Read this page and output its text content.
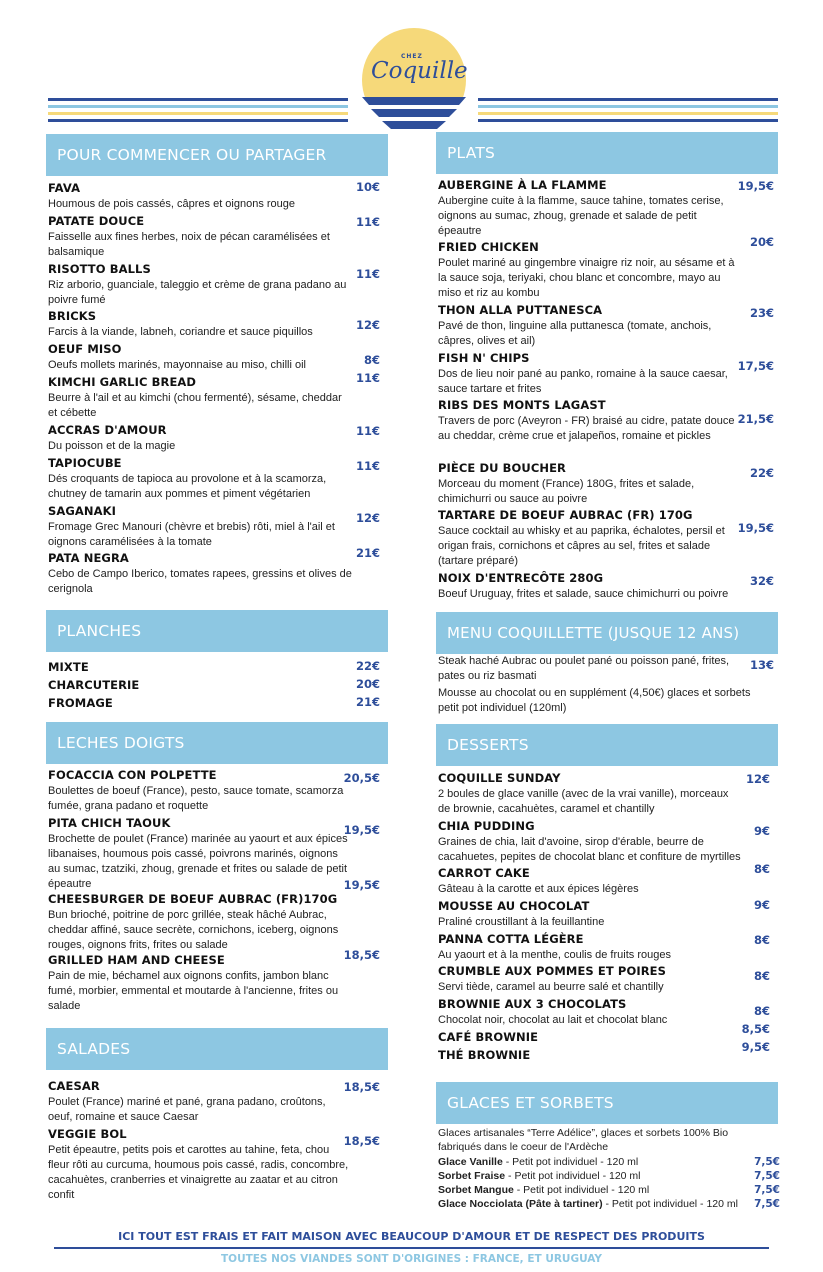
CHEZ
Coquille
POUR COMMENCER OU PARTAGER
FAVA
Houmous de pois cassés, câpres et oignons rouge
10€
PATATE DOUCE
Faisselle aux fines herbes, noix de pécan caramélisées et balsamique
11€
RISOTTO BALLS
Riz arborio, guanciale, taleggio et crème de grana padano au poivre fumé
11€
BRICKS
Farcis à la viande, labneh, coriandre et sauce piquillos	12€
OEUF MISO
Oeufs mollets marinés, mayonnaise au miso, chilli oil	8€
KIMCHI GARLIC BREAD
Beurre à l'ail et au kimchi (chou fermenté), sésame, cheddar et cébette
11€
ACCRAS D'AMOUR
Du poisson et de la magie
11€
TAPIOCUBE
Dés croquants de tapioca au provolone et à la scamorza, chutney de tamarin aux pommes et piment végétarien
11€
SAGANAKI
Fromage Grec Manouri (chèvre et brebis) rôti, miel à l'ail et oignons caramélisées à la tomate
12€
PATA NEGRA
Cebo de Campo Iberico, tomates rapees, gressins et olives de cerignola
21€
PLANCHES
MIXTE	22€
CHARCUTERIE	20€
FROMAGE	21€
LECHES DOIGTS
FOCACCIA CON POLPETTE
Boulettes de boeuf (France), pesto, sauce tomate, scamorza fumée, grana padano et roquette
20,5€
PITA CHICH TAOUK
Brochette de poulet (France) marinée au yaourt et aux épices libanaises, houmous pois cassé, poivrons marinés, oignons au sumac, tzatziki, zhoug, grenade et frites ou salade de petit épeautre
19,5€
CHEESBURGER DE BOEUF AUBRAC (FR)170G
Bun brioché, poitrine de porc grillée, steak hâché Aubrac, cheddar affiné, sauce secrète, cornichons, iceberg, oignons rouges, oignons frits, frites ou salade
19,5€
GRILLED HAM AND CHEESE
Pain de mie, béchamel aux oignons confits, jambon blanc fumé, morbier, emmental et moutarde à l'ancienne, frites ou salade
18,5€
SALADES
CAESAR
Poulet (France) mariné et pané, grana padano, croûtons, oeuf, romaine et sauce Caesar
18,5€
VEGGIE BOL
Petit épeautre, petits pois et carottes au tahine, feta, chou fleur rôti au curcuma, houmous pois cassé, radis, concombre, cacahuètes, cranberries et vinaigrette au zaatar et au citron confit
18,5€
PLATS
AUBERGINE À LA FLAMME
Aubergine cuite à la flamme, sauce tahine, tomates cerise, oignons au sumac, zhoug, grenade et salade de petit épeautre
19,5€
FRIED CHICKEN
Poulet mariné au gingembre vinaigre riz noir, au sésame et à la sauce soja, teriyaki, chou blanc et concombre, mayo au miso et riz au kombu
20€
THON ALLA PUTTANESCA
Pavé de thon, linguine alla puttanesca (tomate, anchois, câpres, olives et ail)
23€
FISH N' CHIPS
Dos de lieu noir pané au panko, romaine à la sauce caesar, sauce tartare et frites
17,5€
RIBS DES MONTS LAGAST
Travers de porc (Aveyron - FR) braisé au cidre, patate douce au cheddar, crème crue et jalapeños, romaine et pickles
21,5€
PIÈCE DU BOUCHER
Morceau du moment (France) 180G, frites et salade, chimichurri ou sauce au poivre
22€
TARTARE DE BOEUF AUBRAC (FR) 170G
Sauce cocktail au whisky et au paprika, échalotes, persil et origan frais, cornichons et câpres au sel, frites et salade (tartare préparé)
19,5€
NOIX D'ENTRECÔTE 280G
Boeuf Uruguay, frites et salade, sauce chimichurri ou poivre
32€
MENU COQUILLETTE (JUSQUE 12 ANS)
Steak haché Aubrac ou poulet pané ou poisson pané, frites, pates ou riz basmati
13€
Mousse au chocolat ou en supplément (4,50€) glaces et sorbets petit pot individuel (120ml)
DESSERTS
COQUILLE SUNDAY
2 boules de glace vanille (avec de la vrai vanille), morceaux de brownie, cacahuètes, caramel et chantilly
12€
CHIA PUDDING
Graines de chia, lait d'avoine, sirop d'érable, beurre de cacahuetes, pepites de chocolat blanc et confiture de myrtilles
9€
CARROT CAKE
Gâteau à la carotte et aux épices légères
8€
MOUSSE AU CHOCOLAT
Praliné croustillant à la feuillantine
9€
PANNA COTTA LÉGÈRE
Au yaourt et à la menthe, coulis de fruits rouges
8€
CRUMBLE AUX POMMES ET POIRES
Servi tiède, caramel au beurre salé et chantilly
8€
BROWNIE AUX 3 CHOCOLATS
Chocolat noir, chocolat au lait et chocolat blanc
8€
CAFÉ BROWNIE
8,5€
THÉ BROWNIE
9,5€
GLACES ET SORBETS
Glaces artisanales “Terre Adélice”, glaces et sorbets 100% Bio fabriqués dans le coeur de l'Ardèche
Glace Vanille - Petit pot individuel - 120 ml	7,5€
Sorbet Fraise - Petit pot individuel - 120 ml	7,5€
Sorbet Mangue - Petit pot individuel - 120 ml	7,5€
Glace Nocciolata (Pâte à tartiner) - Petit pot individuel - 120 ml 7,5€
ICI TOUT EST FRAIS ET FAIT MAISON AVEC BEAUCOUP D'AMOUR ET DE RESPECT DES PRODUITS
TOUTES NOS VIANDES SONT D'ORIGINES : FRANCE, ET URUGUAY
